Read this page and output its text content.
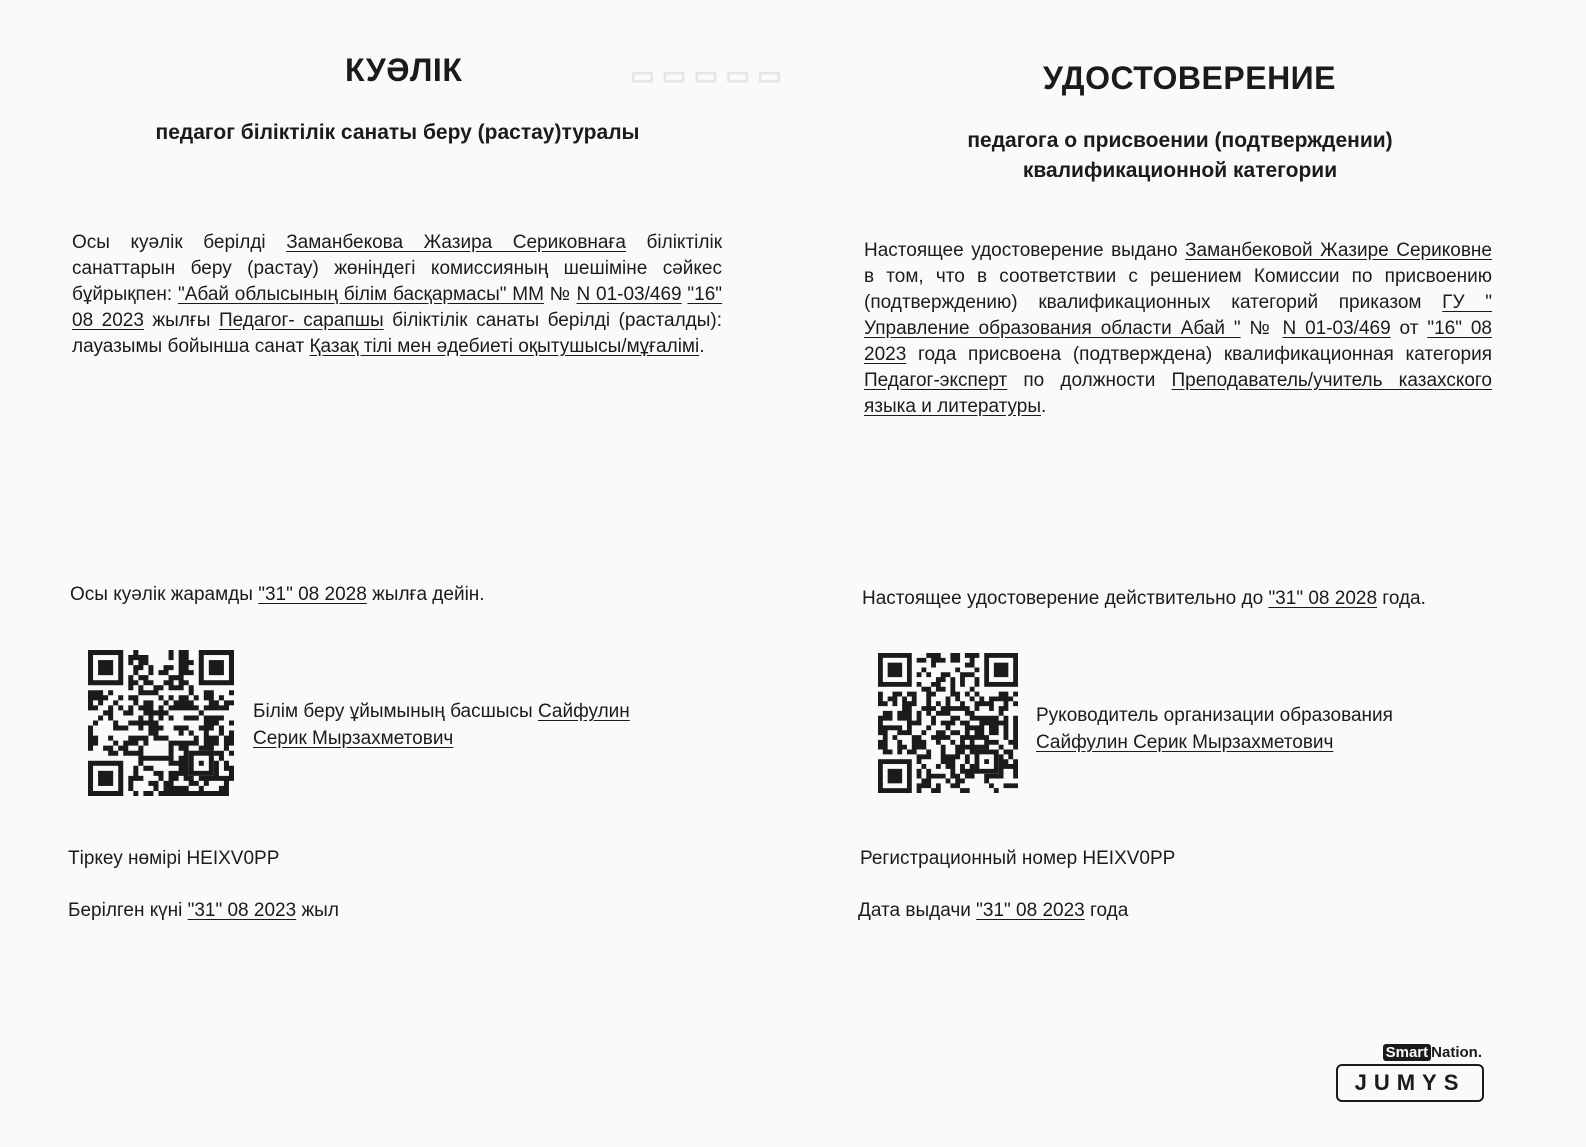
▭ ▭ ▭ ▭ ▭
КУӘЛІК
педагог біліктілік санаты беру (растау)туралы
Осы куәлік берілді Заманбекова Жазира Сериковнаға біліктілік санаттарын беру (растау) жөніндегі комиссияның шешіміне сәйкес бұйрықпен: "Абай облысының білім басқармасы" ММ № N 01-03/469 "16" 08 2023 жылғы Педагог- сарапшы біліктілік санаты берілді (расталды): лауазымы бойынша санат Қазақ тілі мен әдебиеті оқытушысы/мұғалімі.
Осы куәлік жарамды "31" 08 2028 жылға дейін.
Білім беру ұйымының басшысы Сайфулин Серик Мырзахметович
Тіркеу нөмірі HEIXV0PP
Берілген күні "31" 08 2023 жыл
УДОСТОВЕРЕНИЕ
педагога о присвоении (подтверждении)
квалификационной категории
Настоящее удостоверение выдано Заманбековой Жазире Сериковне в том, что в соответствии с решением Комиссии по присвоению (подтверждению) квалификационных категорий приказом ГУ " Управление образования области Абай " № N 01-03/469 от "16" 08 2023 года присвоена (подтверждена) квалификационная категория Педагог-эксперт по должности Преподаватель/учитель казахского языка и литературы.
Настоящее удостоверение действительно до "31" 08 2028 года.
Руководитель организации образования
Сайфулин Серик Мырзахметович
Регистрационный номер HEIXV0PP
Дата выдачи "31" 08 2023 года
Smart Nation.
JUMYS
